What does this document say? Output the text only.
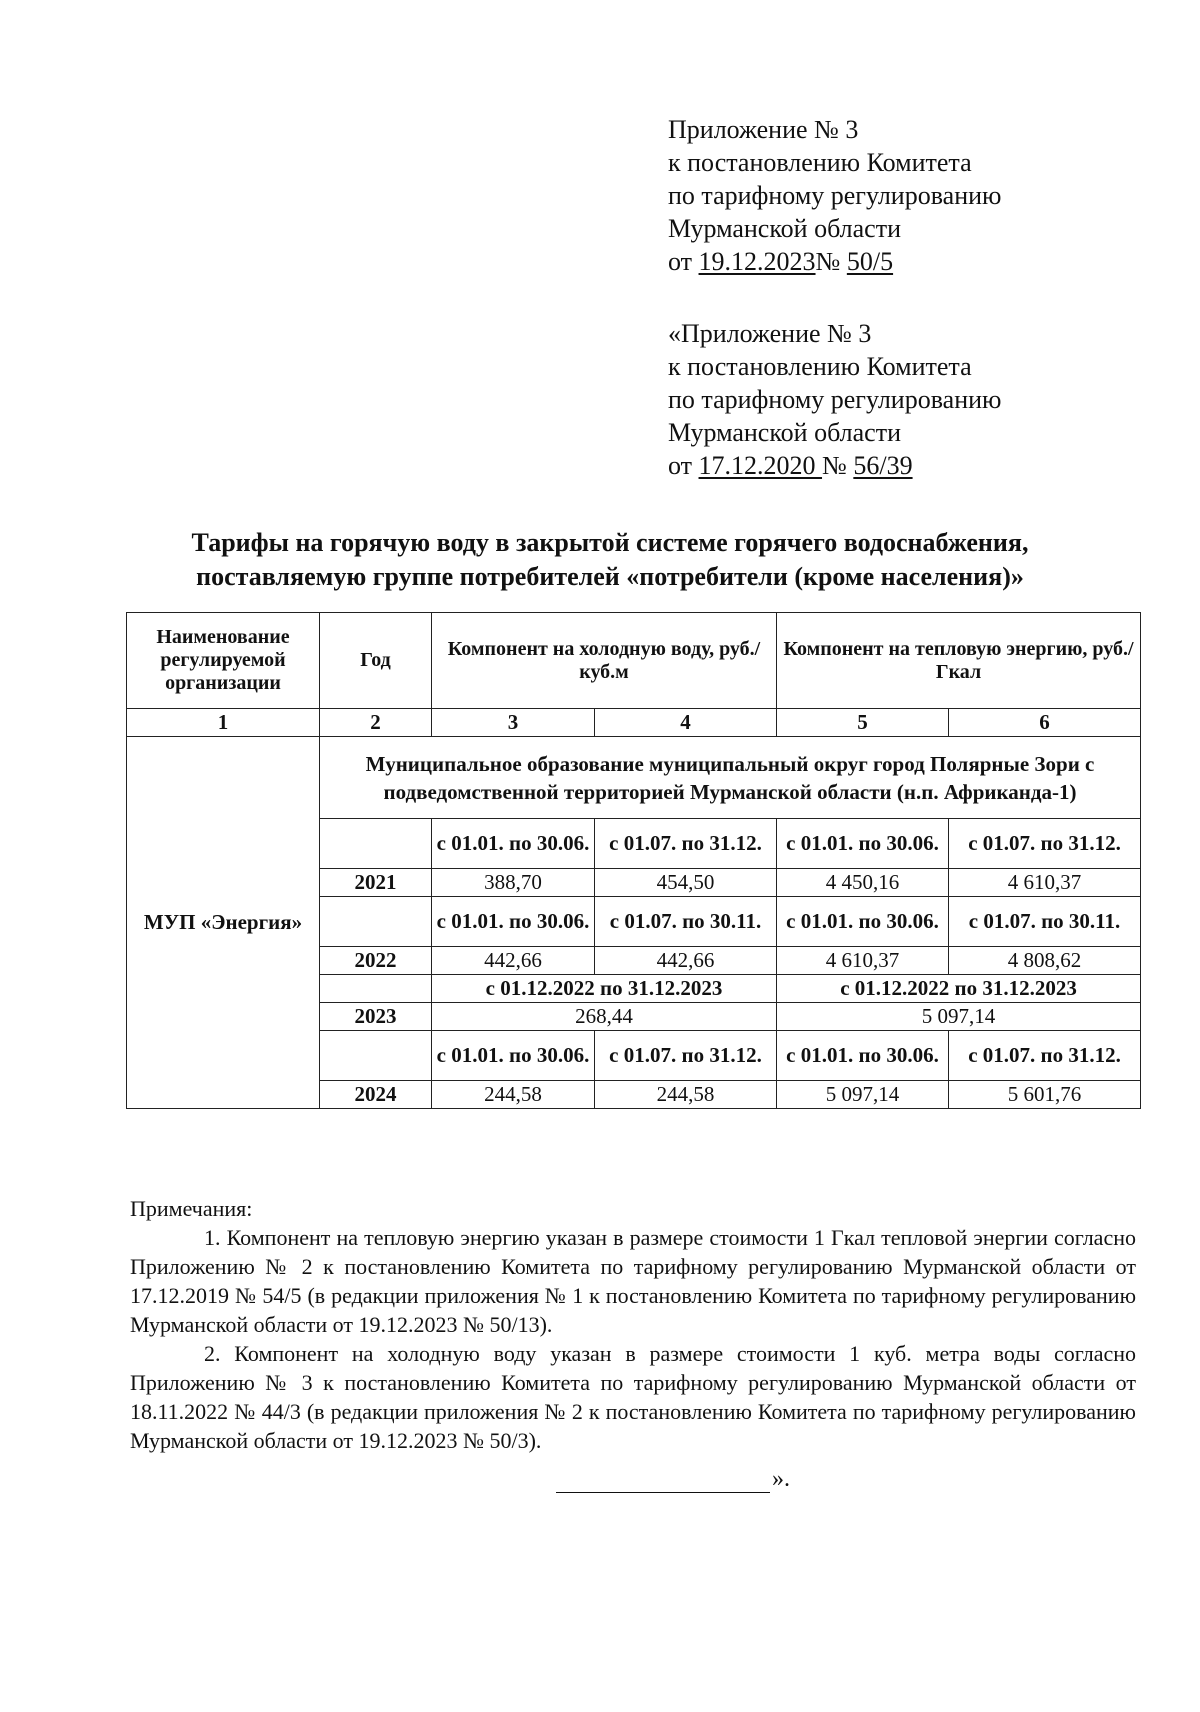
Приложение № 3
к постановлению Комитета
по тарифному регулированию
Мурманской области
от 19.12.2023№ 50/5
«Приложение № 3
к постановлению Комитета
по тарифному регулированию
Мурманской области
от 17.12.2020 № 56/39
Тарифы на горячую воду в закрытой системе горячего водоснабжения,
поставляемую группе потребителей «потребители (кроме населения)»
Наименование регулируемой организации	Год	Компонент на холодную воду, руб./куб.м		Компонент на тепловую энергию, руб./Гкал	
1	2	3	4	5	6
МУП «Энергия»	Муниципальное образование муниципальный округ город Полярные Зори с подведомственной территорией Мурманской области (н.п. Африканда-1)				
		с 01.01. по 30.06.	с 01.07. по 31.12.	с 01.01. по 30.06.	с 01.07. по 31.12.
	2021	388,70	454,50	4 450,16	4 610,37
		с 01.01. по 30.06.	с 01.07. по 30.11.	с 01.01. по 30.06.	с 01.07. по 30.11.
	2022	442,66	442,66	4 610,37	4 808,62
		с 01.12.2022 по 31.12.2023		с 01.12.2022 по 31.12.2023	
	2023	268,44		5 097,14	
		с 01.01. по 30.06.	с 01.07. по 31.12.	с 01.01. по 30.06.	с 01.07. по 31.12.
	2024	244,58	244,58	5 097,14	5 601,76
Примечания:

1. Компонент на тепловую энергию указан в размере стоимости 1 Гкал тепловой энергии согласно Приложению № 2 к постановлению Комитета по тарифному регулированию Мурманской области от 17.12.2019 № 54/5 (в редакции приложения № 1 к постановлению Комитета по тарифному регулированию Мурманской области от 19.12.2023 № 50/13).

2. Компонент на холодную воду указан в размере стоимости 1 куб. метра воды согласно Приложению № 3 к постановлению Комитета по тарифному регулированию Мурманской области от 18.11.2022 № 44/3 (в редакции приложения № 2 к постановлению Комитета по тарифному регулированию Мурманской области от 19.12.2023 № 50/3).

».
